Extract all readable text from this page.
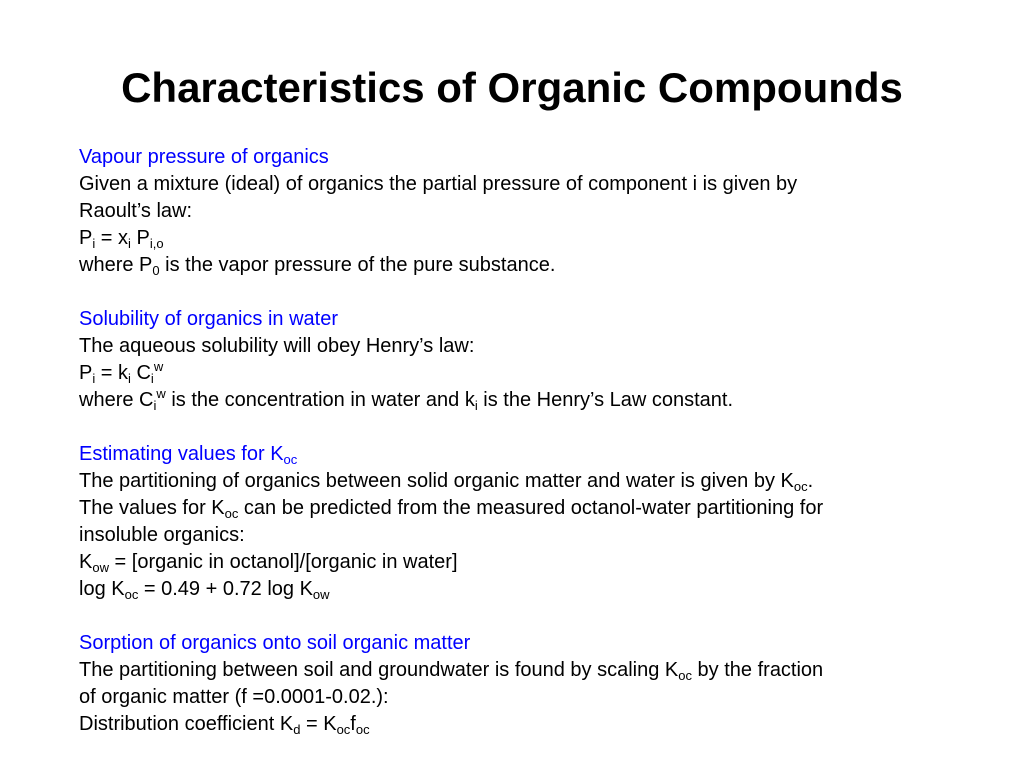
Characteristics of Organic Compounds
Vapour pressure of organics
Given a mixture (ideal) of organics the partial pressure of component i is given by
Raoult’s law:
$P_i = x_i$ $P_{i,o}$
where $P_0$ is the vapor pressure of the pure substance.
Solubility of organics in water
The aqueous solubility will obey Henry’s law:
$P_i = k_i$ $C_i^w$
where $C_i^w$ is the concentration in water and $k_i$ is the Henry’s Law constant.
Estimating values for $K_{oc}$
The partitioning of organics between solid organic matter and water is given by $K_{oc}$.
The values for $K_{oc}$ can be predicted from the measured octanol-water partitioning for
insoluble organics:
$K_{ow}$ = [organic in octanol]/[organic in water]
$\log K_{oc} = 0.49 + 0.72$ $\log K_{ow}$
Sorption of organics onto soil organic matter
The partitioning between soil and groundwater is found by scaling $K_{oc}$ by the fraction
of organic matter (f =0.0001-0.02.):
Distribution coefficient $K_d = K_{oc}f_{oc}$
